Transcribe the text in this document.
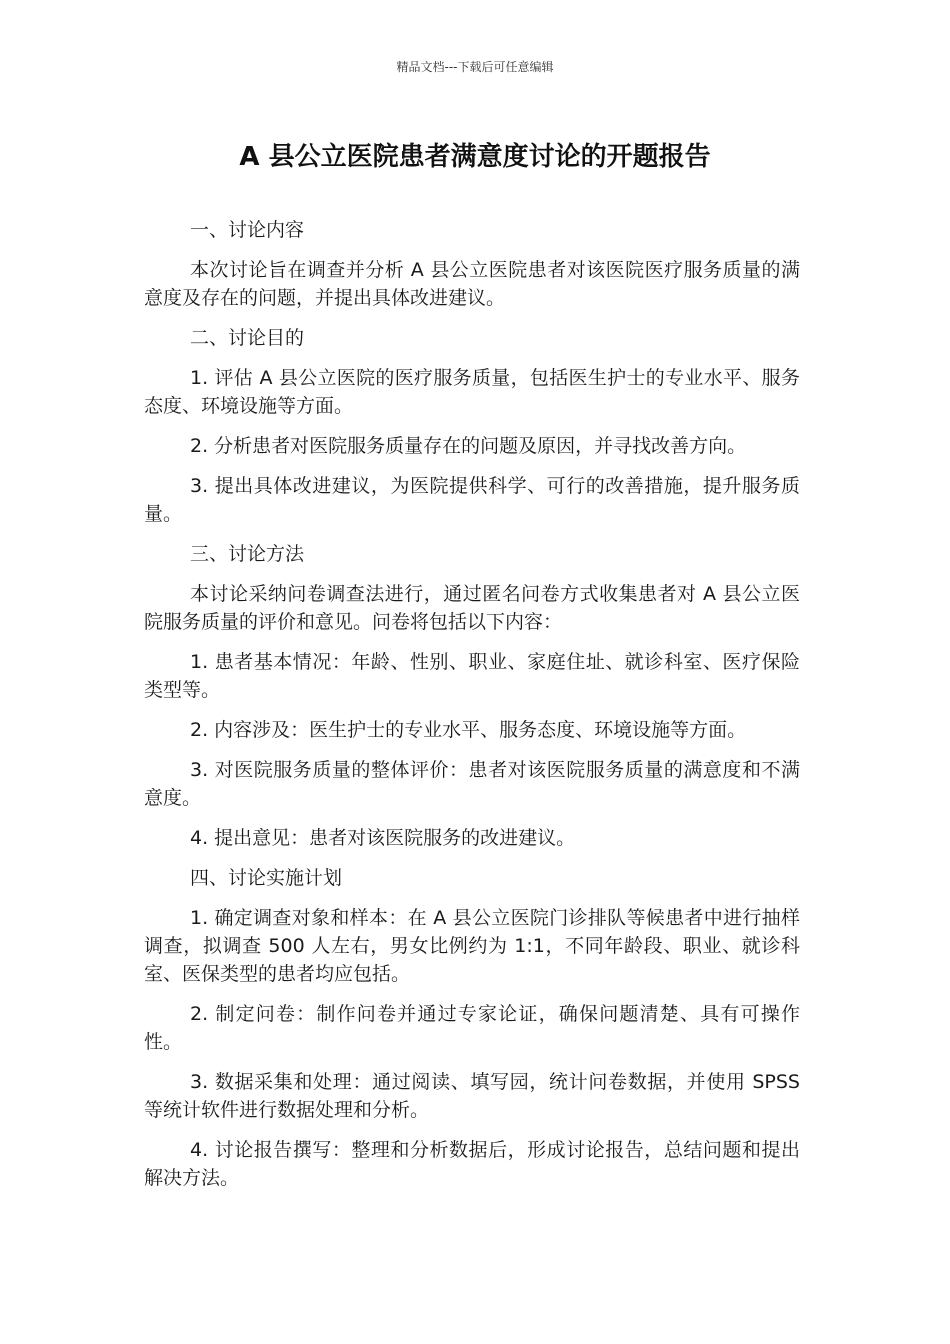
精品文档---下载后可任意编辑
A 县公立医院患者满意度讨论的开题报告

一、讨论内容

本次讨论旨在调查并分析 A 县公立医院患者对该医院医疗服务质量的满意度及存在的问题，并提出具体改进建议。

二、讨论目的

1. 评估 A 县公立医院的医疗服务质量，包括医生护士的专业水平、服务态度、环境设施等方面。

2. 分析患者对医院服务质量存在的问题及原因，并寻找改善方向。

3. 提出具体改进建议，为医院提供科学、可行的改善措施，提升服务质量。

三、讨论方法

本讨论采纳问卷调查法进行，通过匿名问卷方式收集患者对 A 县公立医院服务质量的评价和意见。问卷将包括以下内容：

1. 患者基本情况：年龄、性别、职业、家庭住址、就诊科室、医疗保险类型等。

2. 内容涉及：医生护士的专业水平、服务态度、环境设施等方面。

3. 对医院服务质量的整体评价：患者对该医院服务质量的满意度和不满意度。

4. 提出意见：患者对该医院服务的改进建议。

四、讨论实施计划

1. 确定调查对象和样本：在 A 县公立医院门诊排队等候患者中进行抽样调查，拟调查 500 人左右，男女比例约为 1:1，不同年龄段、职业、就诊科室、医保类型的患者均应包括。

2. 制定问卷：制作问卷并通过专家论证，确保问题清楚、具有可操作性。

3. 数据采集和处理：通过阅读、填写园，统计问卷数据，并使用 SPSS 等统计软件进行数据处理和分析。

4. 讨论报告撰写：整理和分析数据后，形成讨论报告，总结问题和提出解决方法。
